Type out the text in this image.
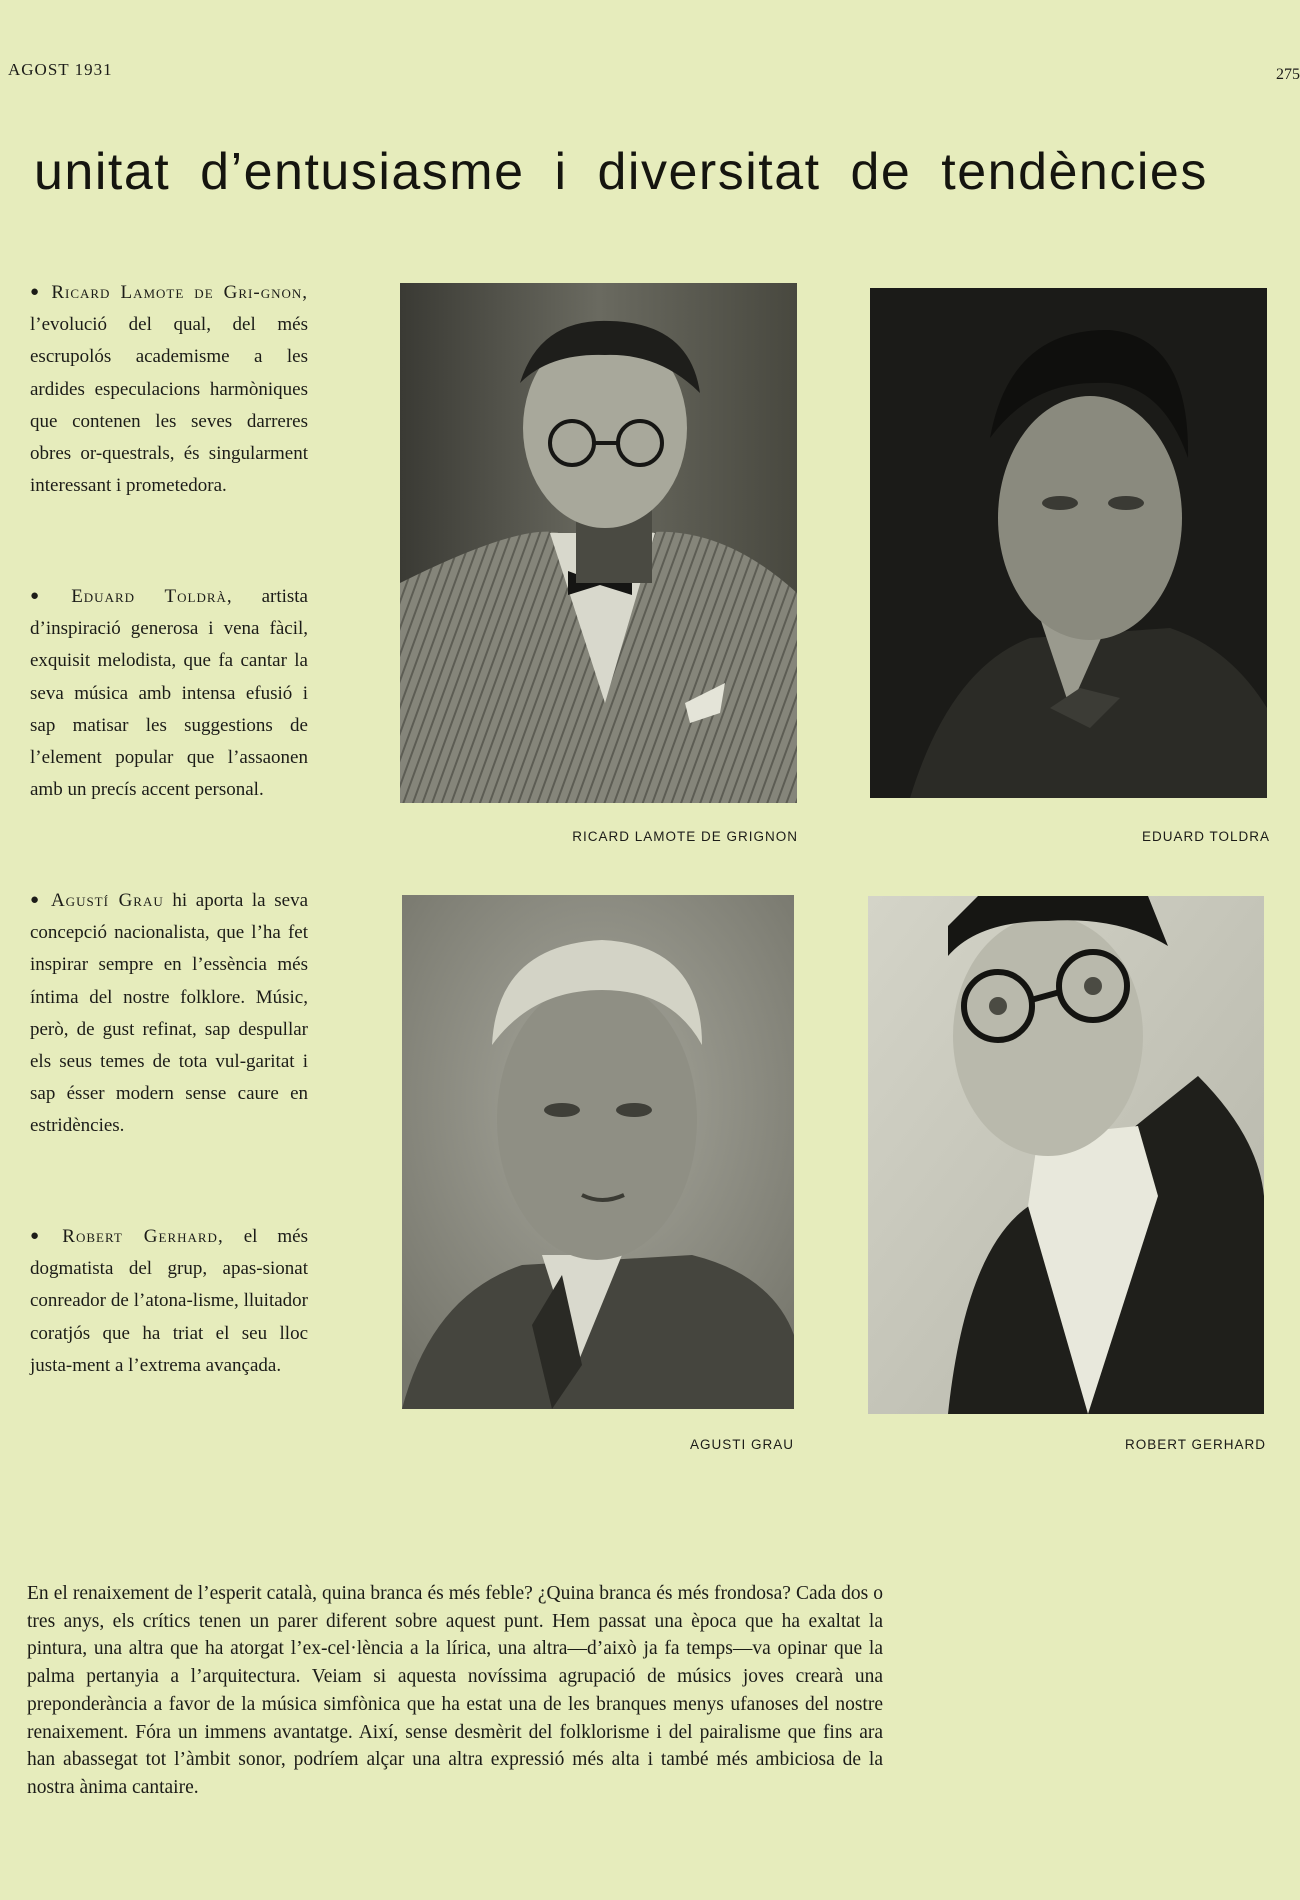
AGOST 1931	275
unitat d’entusiasme i diversitat de tendències

● Ricard Lamote de Gri-gnon, l’evolució del qual, del més escrupolós academisme a les ardides especulacions harmòniques que contenen les seves darreres obres or-questrals, és singularment interessant i prometedora.

● Eduard Toldrà, artista d’inspiració generosa i vena fàcil, exquisit melodista, que fa cantar la seva música amb intensa efusió i sap matisar les suggestions de l’element popular que l’assaonen amb un precís accent personal.

● Agustí Grau hi aporta la seva concepció nacionalista, que l’ha fet inspirar sempre en l’essència més íntima del nostre folklore. Músic, però, de gust refinat, sap despullar els seus temes de tota vul-garitat i sap ésser modern sense caure en estridències.

● Robert Gerhard, el més dogmatista del grup, apas-sionat conreador de l’atona-lisme, lluitador coratjós que ha triat el seu lloc justa-ment a l’extrema avançada.

RICARD LAMOTE DE GRIGNON	EDUARD TOLDRA
AGUSTI GRAU	ROBERT GERHARD

En el renaixement de l’esperit català, quina branca és més feble? ¿Quina branca és més frondosa? Cada dos o tres anys, els crítics tenen un parer diferent sobre aquest punt. Hem passat una època que ha exaltat la pintura, una altra que ha atorgat l’ex-cel·lència a la lírica, una altra—d’això ja fa temps—va opinar que la palma pertanyia a l’arquitectura. Veiam si aquesta novíssima agrupació de músics joves crearà una preponderància a favor de la música simfònica que ha estat una de les branques menys ufanoses del nostre renaixement. Fóra un immens avantatge. Així, sense desmèrit del folklorisme i del pairalisme que fins ara han abassegat tot l’àmbit sonor, podríem alçar una altra expressió més alta i també més ambiciosa de la nostra ànima cantaire.
